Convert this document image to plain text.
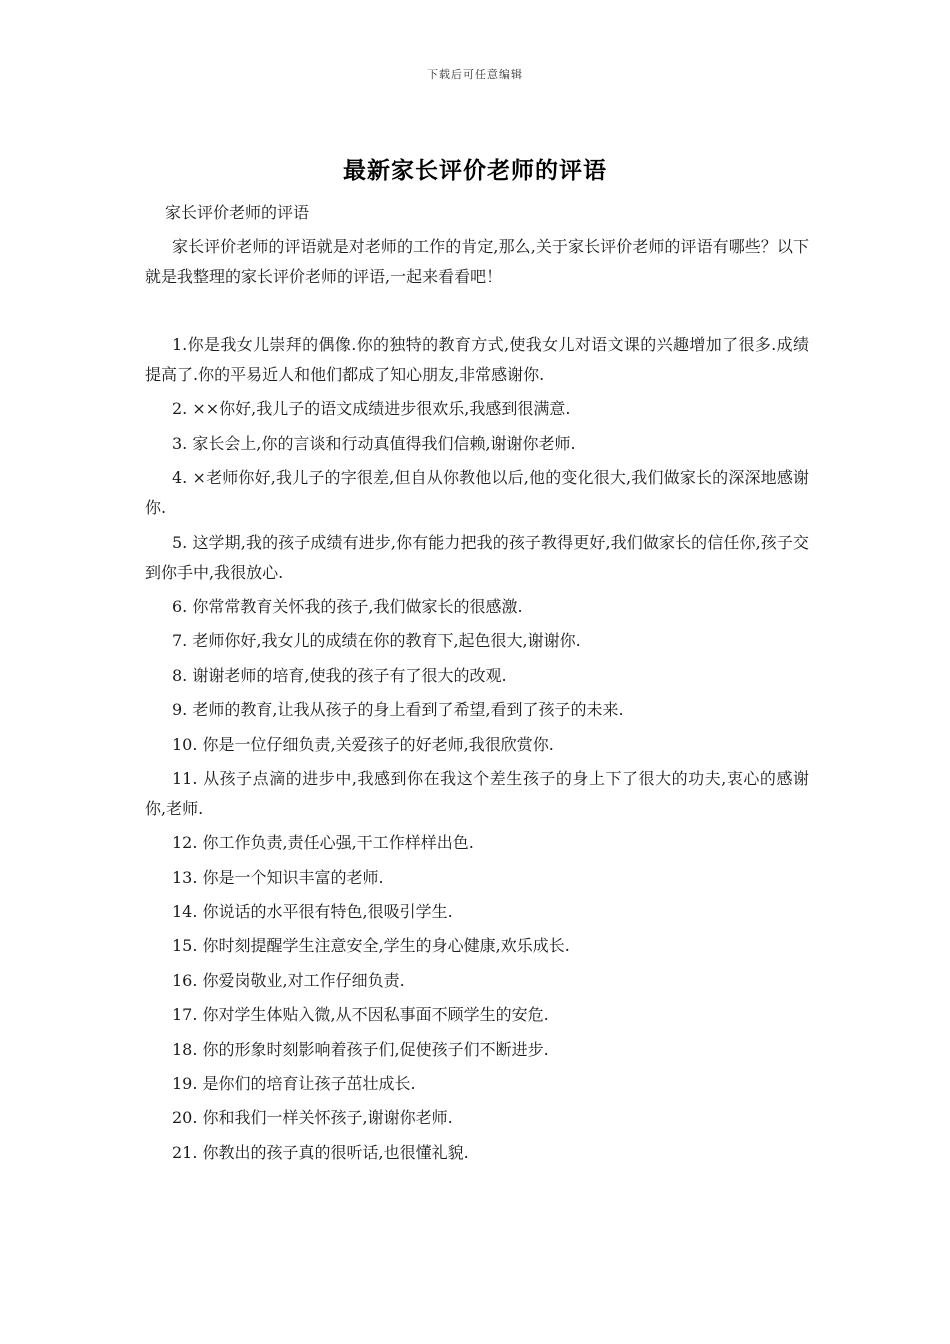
下载后可任意编辑
最新家长评价老师的评语

家长评价老师的评语

家长评价老师的评语就是对老师的工作的肯定,那么,关于家长评价老师的评语有哪些？以下就是我整理的家长评价老师的评语,一起来看看吧！

1.你是我女儿崇拜的偶像.你的独特的教育方式,使我女儿对语文课的兴趣增加了很多.成绩提高了.你的平易近人和他们都成了知心朋友,非常感谢你.
2. ××你好,我儿子的语文成绩进步很欢乐,我感到很满意.
3. 家长会上,你的言谈和行动真值得我们信赖,谢谢你老师.
4. ×老师你好,我儿子的字很差,但自从你教他以后,他的变化很大,我们做家长的深深地感谢你.
5. 这学期,我的孩子成绩有进步,你有能力把我的孩子教得更好,我们做家长的信任你,孩子交到你手中,我很放心.
6. 你常常教育关怀我的孩子,我们做家长的很感激.
7. 老师你好,我女儿的成绩在你的教育下,起色很大,谢谢你.
8. 谢谢老师的培育,使我的孩子有了很大的改观.
9. 老师的教育,让我从孩子的身上看到了希望,看到了孩子的未来.
10. 你是一位仔细负责,关爱孩子的好老师,我很欣赏你.
11. 从孩子点滴的进步中,我感到你在我这个差生孩子的身上下了很大的功夫,衷心的感谢你,老师.
12. 你工作负责,责任心强,干工作样样出色.
13. 你是一个知识丰富的老师.
14. 你说话的水平很有特色,很吸引学生.
15. 你时刻提醒学生注意安全,学生的身心健康,欢乐成长.
16. 你爱岗敬业,对工作仔细负责.
17. 你对学生体贴入微,从不因私事面不顾学生的安危.
18. 你的形象时刻影响着孩子们,促使孩子们不断进步.
19. 是你们的培育让孩子茁壮成长.
20. 你和我们一样关怀孩子,谢谢你老师.
21. 你教出的孩子真的很听话,也很懂礼貌.
